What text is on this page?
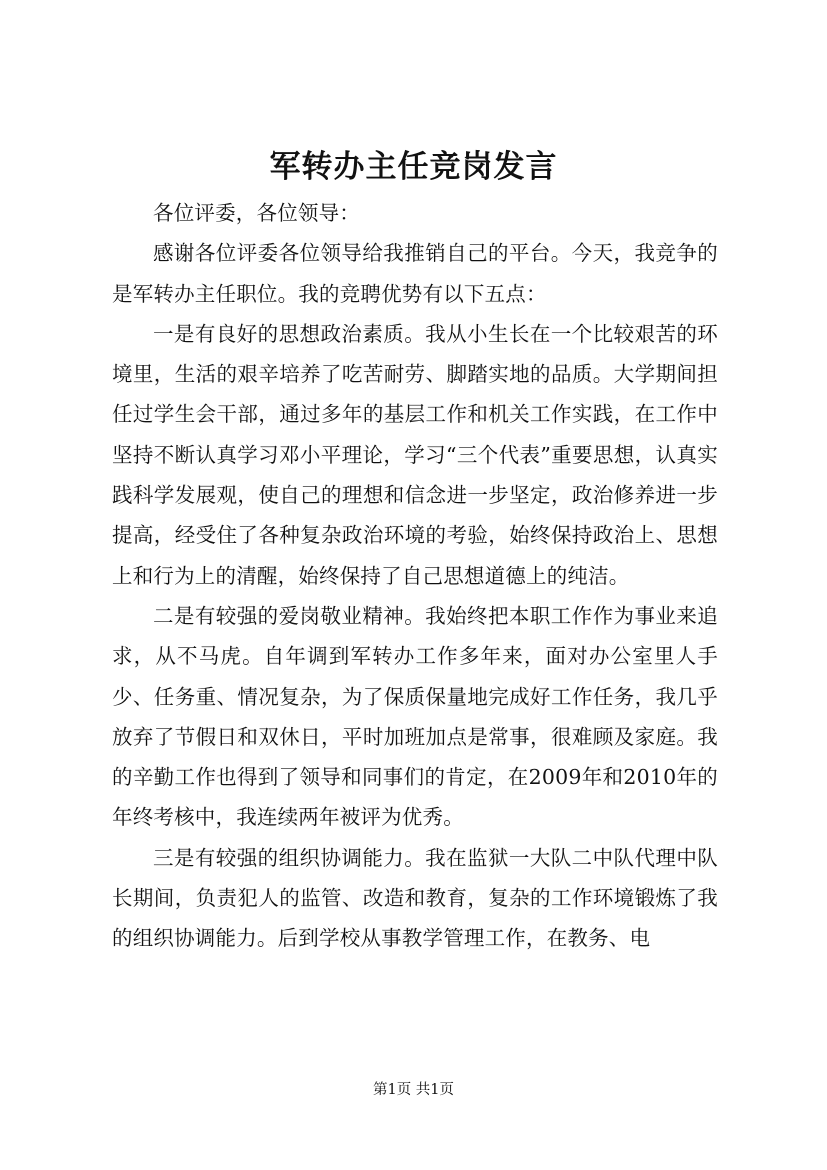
军转办主任竞岗发言

各位评委，各位领导：

感谢各位评委各位领导给我推销自己的平台。今天，我竞争的是军转办主任职位。我的竞聘优势有以下五点：

一是有良好的思想政治素质。我从小生长在一个比较艰苦的环境里，生活的艰辛培养了吃苦耐劳、脚踏实地的品质。大学期间担任过学生会干部，通过多年的基层工作和机关工作实践，在工作中坚持不断认真学习邓小平理论，学习“三个代表”重要思想，认真实践科学发展观，使自己的理想和信念进一步坚定，政治修养进一步提高，经受住了各种复杂政治环境的考验，始终保持政治上、思想上和行为上的清醒，始终保持了自己思想道德上的纯洁。

二是有较强的爱岗敬业精神。我始终把本职工作作为事业来追求，从不马虎。自年调到军转办工作多年来，面对办公室里人手少、任务重、情况复杂，为了保质保量地完成好工作任务，我几乎放弃了节假日和双休日，平时加班加点是常事，很难顾及家庭。我的辛勤工作也得到了领导和同事们的肯定，在2009年和2010年的年终考核中，我连续两年被评为优秀。

三是有较强的组织协调能力。我在监狱一大队二中队代理中队长期间，负责犯人的监管、改造和教育，复杂的工作环境锻炼了我的组织协调能力。后到学校从事教学管理工作，在教务、电

第1页 共1页
